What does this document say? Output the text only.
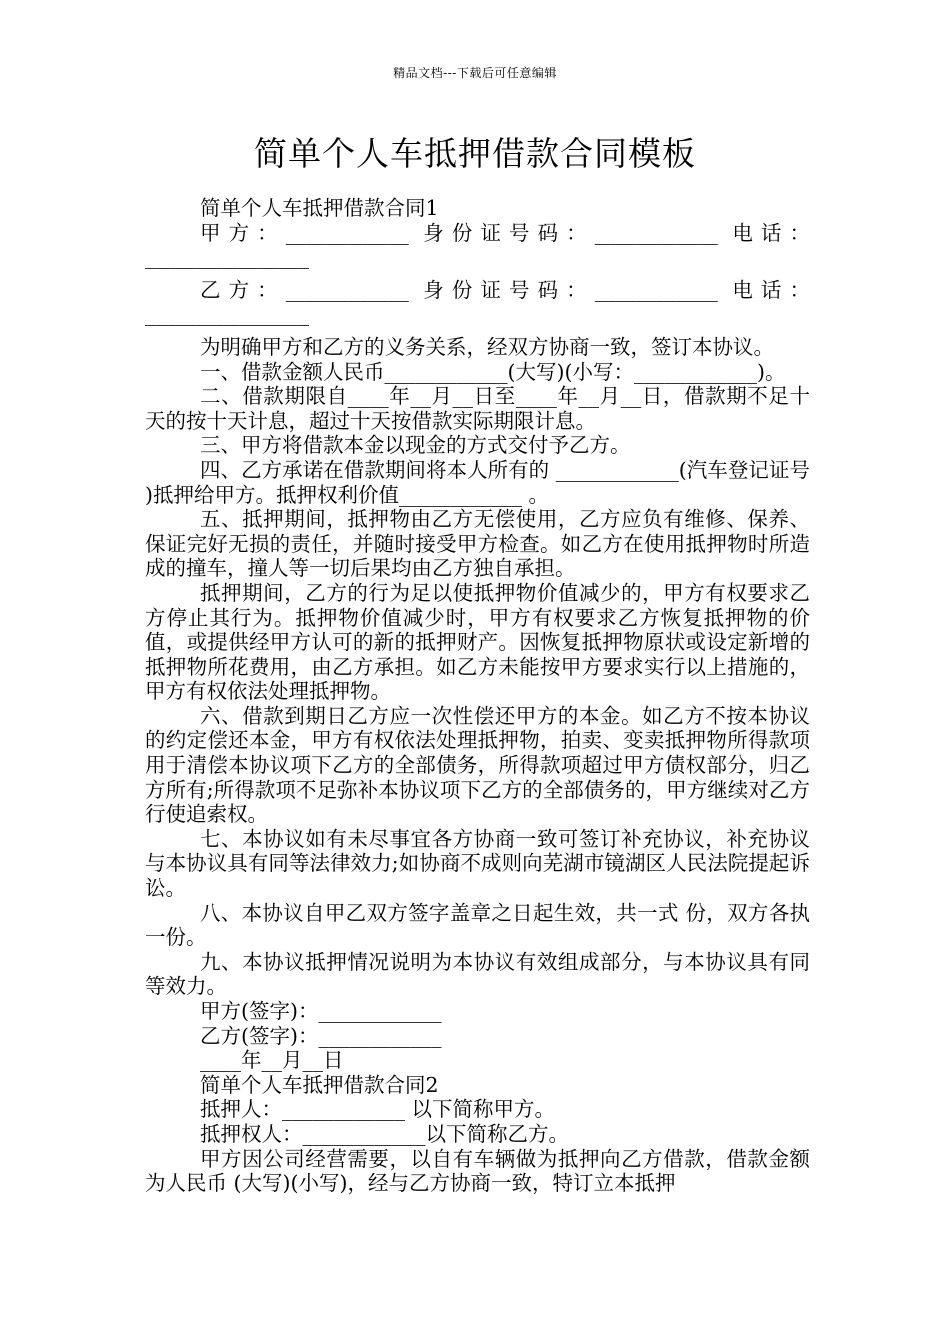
精品文档---下载后可任意编辑
简单个人车抵押借款合同模板

简单个人车抵押借款合同1

甲方：____________ 身份证号码：____________ 电话：________________

乙方：____________ 身份证号码：____________ 电话：________________

为明确甲方和乙方的义务关系，经双方协商一致，签订本协议。

一、借款金额人民币____________(大写)(小写：____________)。

二、借款期限自____年__月__日至____年__月__日，借款期不足十天的按十天计息，超过十天按借款实际期限计息。

三、甲方将借款本金以现金的方式交付予乙方。

四、乙方承诺在借款期间将本人所有的 ____________(汽车登记证号 )抵押给甲方。抵押权利价值____________ 。

五、抵押期间，抵押物由乙方无偿使用，乙方应负有维修、保养、保证完好无损的责任，并随时接受甲方检查。如乙方在使用抵押物时所造成的撞车，撞人等一切后果均由乙方独自承担。

抵押期间，乙方的行为足以使抵押物价值减少的，甲方有权要求乙方停止其行为。抵押物价值减少时，甲方有权要求乙方恢复抵押物的价值，或提供经甲方认可的新的抵押财产。因恢复抵押物原状或设定新增的抵押物所花费用，由乙方承担。如乙方未能按甲方要求实行以上措施的，甲方有权依法处理抵押物。

六、借款到期日乙方应一次性偿还甲方的本金。如乙方不按本协议的约定偿还本金，甲方有权依法处理抵押物，拍卖、变卖抵押物所得款项用于清偿本协议项下乙方的全部债务，所得款项超过甲方债权部分，归乙方所有;所得款项不足弥补本协议项下乙方的全部债务的，甲方继续对乙方行使追索权。

七、本协议如有未尽事宜各方协商一致可签订补充协议，补充协议与本协议具有同等法律效力;如协商不成则向芜湖市镜湖区人民法院提起诉讼。

八、本协议自甲乙双方签字盖章之日起生效，共一式 份，双方各执一份。

九、本协议抵押情况说明为本协议有效组成部分，与本协议具有同等效力。

甲方(签字)：____________

乙方(签字)：____________

____年__月__日

简单个人车抵押借款合同2

抵押人：____________ 以下简称甲方。

抵押权人：____________以下简称乙方。

甲方因公司经营需要，以自有车辆做为抵押向乙方借款，借款金额为人民币 (大写)(小写)，经与乙方协商一致，特订立本抵押
